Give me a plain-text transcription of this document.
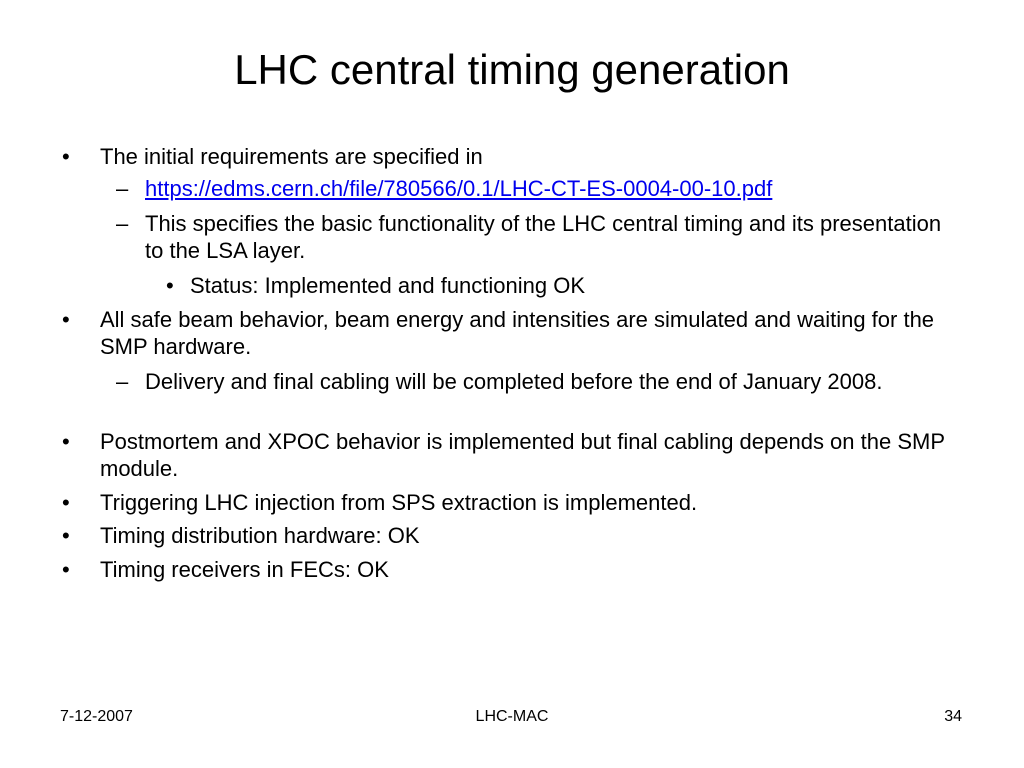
LHC central timing generation
• The initial requirements are specified in
– https://edms.cern.ch/file/780566/0.1/LHC-CT-ES-0004-00-10.pdf
– This specifies the basic functionality of the LHC central timing and its presentation to the LSA layer.
• Status: Implemented and functioning OK
• All safe beam behavior, beam energy and intensities are simulated and waiting for the SMP hardware.
– Delivery and final cabling will be completed before the end of January 2008.
• Postmortem and XPOC behavior is implemented but final cabling depends on the SMP module.
• Triggering LHC injection from SPS extraction is implemented.
• Timing distribution hardware: OK
• Timing receivers in FECs: OK
7-12-2007	LHC-MAC	34
